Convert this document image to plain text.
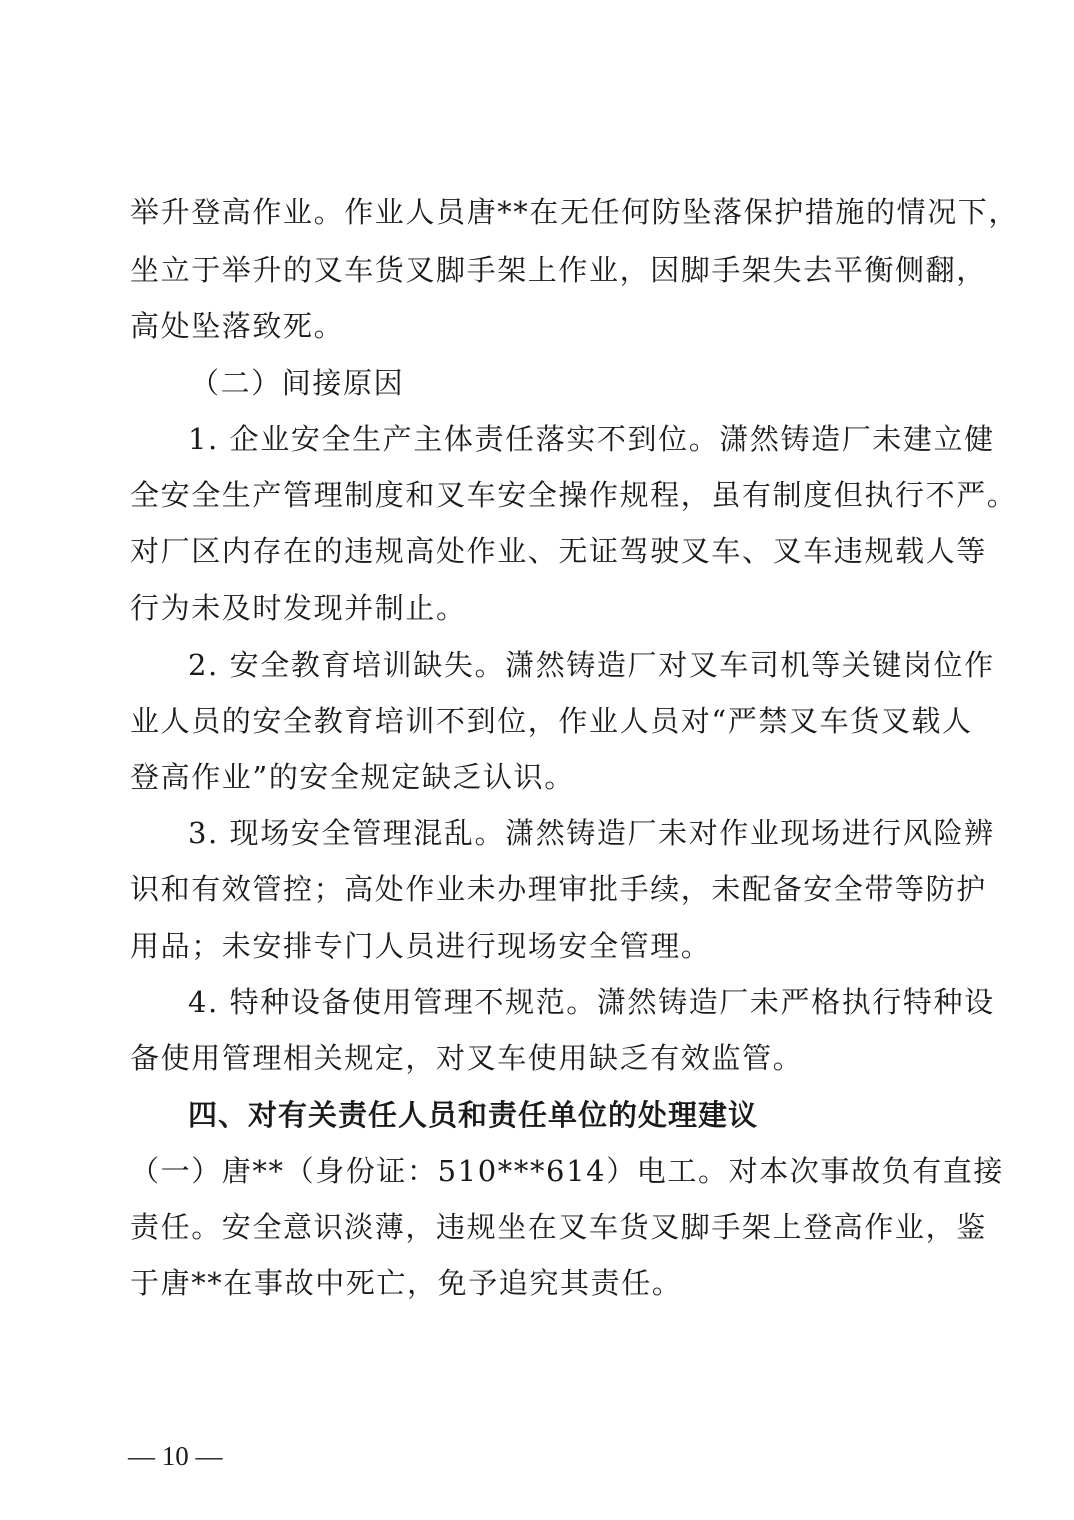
举升登高作业。作业人员唐**在无任何防坠落保护措施的情况下，
坐立于举升的叉车货叉脚手架上作业，因脚手架失去平衡侧翻，
高处坠落致死。
（二）间接原因
1. 企业安全生产主体责任落实不到位。潇然铸造厂未建立健
全安全生产管理制度和叉车安全操作规程，虽有制度但执行不严。
对厂区内存在的违规高处作业、无证驾驶叉车、叉车违规载人等
行为未及时发现并制止。
2. 安全教育培训缺失。潇然铸造厂对叉车司机等关键岗位作
业人员的安全教育培训不到位，作业人员对“严禁叉车货叉载人
登高作业”的安全规定缺乏认识。
3. 现场安全管理混乱。潇然铸造厂未对作业现场进行风险辨
识和有效管控；高处作业未办理审批手续，未配备安全带等防护
用品；未安排专门人员进行现场安全管理。
4. 特种设备使用管理不规范。潇然铸造厂未严格执行特种设
备使用管理相关规定，对叉车使用缺乏有效监管。
四、对有关责任人员和责任单位的处理建议
（一）唐**（身份证：510***614）电工。对本次事故负有直接
责任。安全意识淡薄，违规坐在叉车货叉脚手架上登高作业，鉴
于唐**在事故中死亡，免予追究其责任。
— 10 —
